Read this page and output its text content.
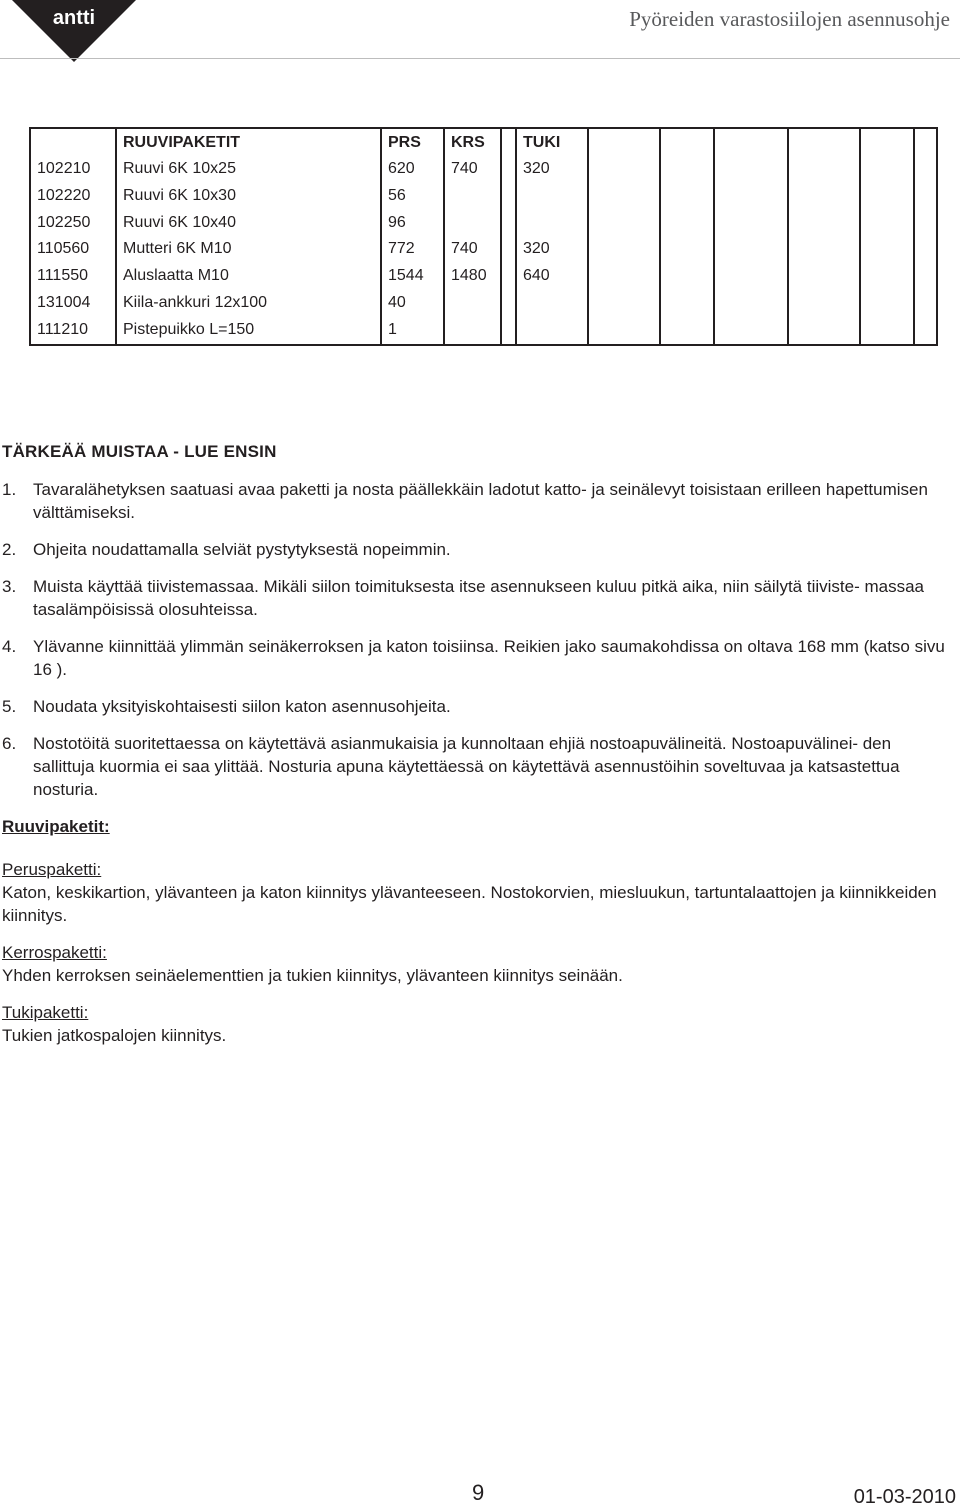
antti	Pyöreiden varastosiilojen asennusohje
	RUUVIPAKETIT	PRS	KRS		TUKI						
102210	Ruuvi 6K 10x25	620	740		320						
102220	Ruuvi 6K 10x30	56									
102250	Ruuvi 6K 10x40	96									
110560	Mutteri 6K M10	772	740		320						
111550	Aluslaatta M10	1544	1480		640						
131004	Kiila-ankkuri 12x100	40									
111210	Pistepuikko L=150	1									
TÄRKEÄÄ MUISTAA - LUE ENSIN
1. Tavaralähetyksen saatuasi avaa paketti ja nosta päällekkäin ladotut katto- ja seinälevyt toisistaan erilleen hapettumisen välttämiseksi.
2. Ohjeita noudattamalla selviät pystytyksestä nopeimmin.
3. Muista käyttää tiivistemassaa. Mikäli siilon toimituksesta itse asennukseen kuluu pitkä aika, niin säilytä tiiviste- massaa tasalämpöisissä olosuhteissa.
4. Ylävanne kiinnittää ylimmän seinäkerroksen ja katon toisiinsa. Reikien jako saumakohdissa on oltava 168 mm (katso sivu 16 ).
5. Noudata yksityiskohtaisesti siilon katon asennusohjeita.
6. Nostotöitä suoritettaessa on käytettävä asianmukaisia ja kunnoltaan ehjiä nostoapuvälineitä. Nostoapuvälinei- den sallittuja kuormia ei saa ylittää. Nosturia apuna käytettäessä on käytettävä asennustöihin soveltuvaa ja katsastettua nosturia.
Ruuvipaketit:
Peruspaketti:
Katon, keskikartion, ylävanteen ja katon kiinnitys ylävanteeseen. Nostokorvien, miesluukun, tartuntalaattojen ja kiinnikkeiden kiinnitys.
Kerrospaketti:
Yhden kerroksen seinäelementtien ja tukien kiinnitys, ylävanteen kiinnitys seinään.
Tukipaketti:
Tukien jatkospalojen kiinnitys.
9	01-03-2010
